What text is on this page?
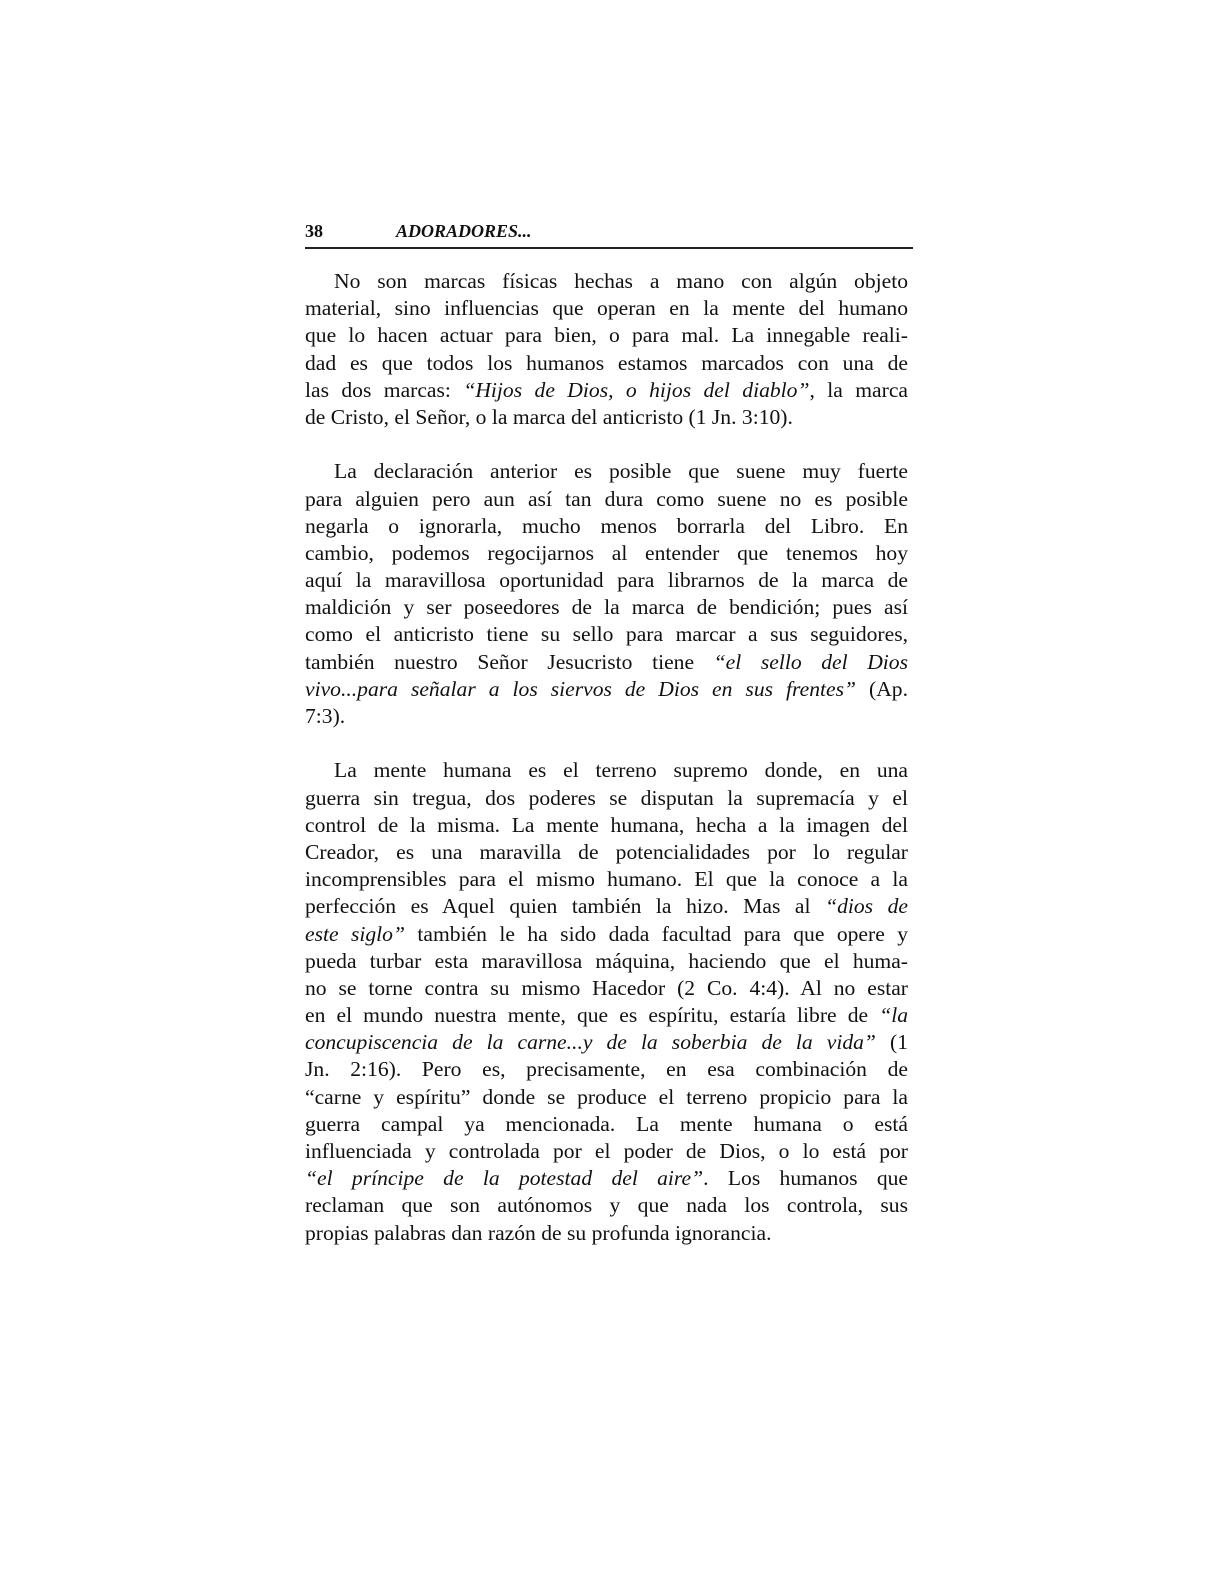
38	ADORADORES...
No son marcas físicas hechas a mano con algún objeto
material, sino influencias que operan en la mente del humano
que lo hacen actuar para bien, o para mal. La innegable reali-
dad es que todos los humanos estamos marcados con una de
las dos marcas: “Hijos de Dios, o hijos del diablo”, la marca
de Cristo, el Señor, o la marca del anticristo (1 Jn. 3:10).
La declaración anterior es posible que suene muy fuerte
para alguien pero aun así tan dura como suene no es posible
negarla o ignorarla, mucho menos borrarla del Libro. En
cambio, podemos regocijarnos al entender que tenemos hoy
aquí la maravillosa oportunidad para librarnos de la marca de
maldición y ser poseedores de la marca de bendición; pues así
como el anticristo tiene su sello para marcar a sus seguidores,
también nuestro Señor Jesucristo tiene “el sello del Dios
vivo...para señalar a los siervos de Dios en sus frentes” (Ap.
7:3).
La mente humana es el terreno supremo donde, en una
guerra sin tregua, dos poderes se disputan la supremacía y el
control de la misma. La mente humana, hecha a la imagen del
Creador, es una maravilla de potencialidades por lo regular
incomprensibles para el mismo humano. El que la conoce a la
perfección es Aquel quien también la hizo. Mas al “dios de
este siglo” también le ha sido dada facultad para que opere y
pueda turbar esta maravillosa máquina, haciendo que el huma-
no se torne contra su mismo Hacedor (2 Co. 4:4). Al no estar
en el mundo nuestra mente, que es espíritu, estaría libre de “la
concupiscencia de la carne...y de la soberbia de la vida” (1
Jn. 2:16). Pero es, precisamente, en esa combinación de
“carne y espíritu” donde se produce el terreno propicio para la
guerra campal ya mencionada. La mente humana o está
influenciada y controlada por el poder de Dios, o lo está por
“el príncipe de la potestad del aire”. Los humanos que
reclaman que son autónomos y que nada los controla, sus
propias palabras dan razón de su profunda ignorancia.
